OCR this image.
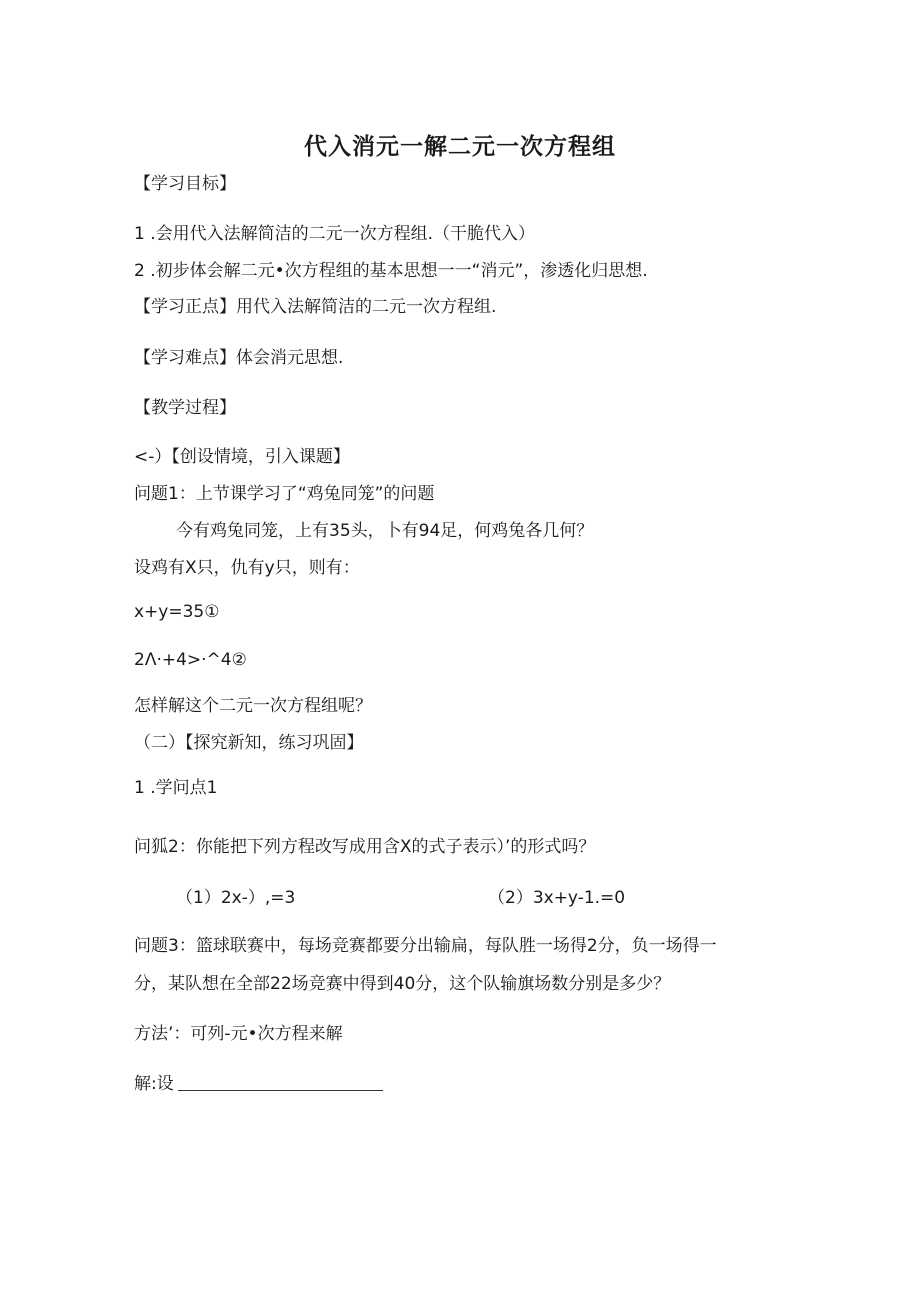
代入消元一解二元一次方程组
【学习目标】
1 .会用代入法解简洁的二元一次方程组.（干脆代入）
2 .初步体会解二元•次方程组的基本思想一一“消元”，渗透化归思想.
【学习正点】用代入法解简洁的二元一次方程组.
【学习难点】体会消元思想.
【教学过程】
<-）【创设情境，引入课题】
问题1：上节课学习了“鸡兔同笼”的问题
今有鸡兔同笼，上有35头，卜有94足，何鸡兔各几何？
设鸡有X只，仇有y只，则有：
x+y=35①
2Λ·+4>·^4②
怎样解这个二元一次方程组呢？
（二）【探究新知，练习巩固】
1 .学问点1
问狐2：你能把下列方程改写成用含X的式子表示）’的形式吗？
（1）2x-）,=3	（2）3x+y-1.=0
问题3：篮球联赛中，每场竞赛都要分出输扁，每队胜一场得2分，负一场得一
分，某队想在全部22场竞赛中得到40分，这个队输旗场数分别是多少？
方法’：可列-元•次方程来解
解:设
